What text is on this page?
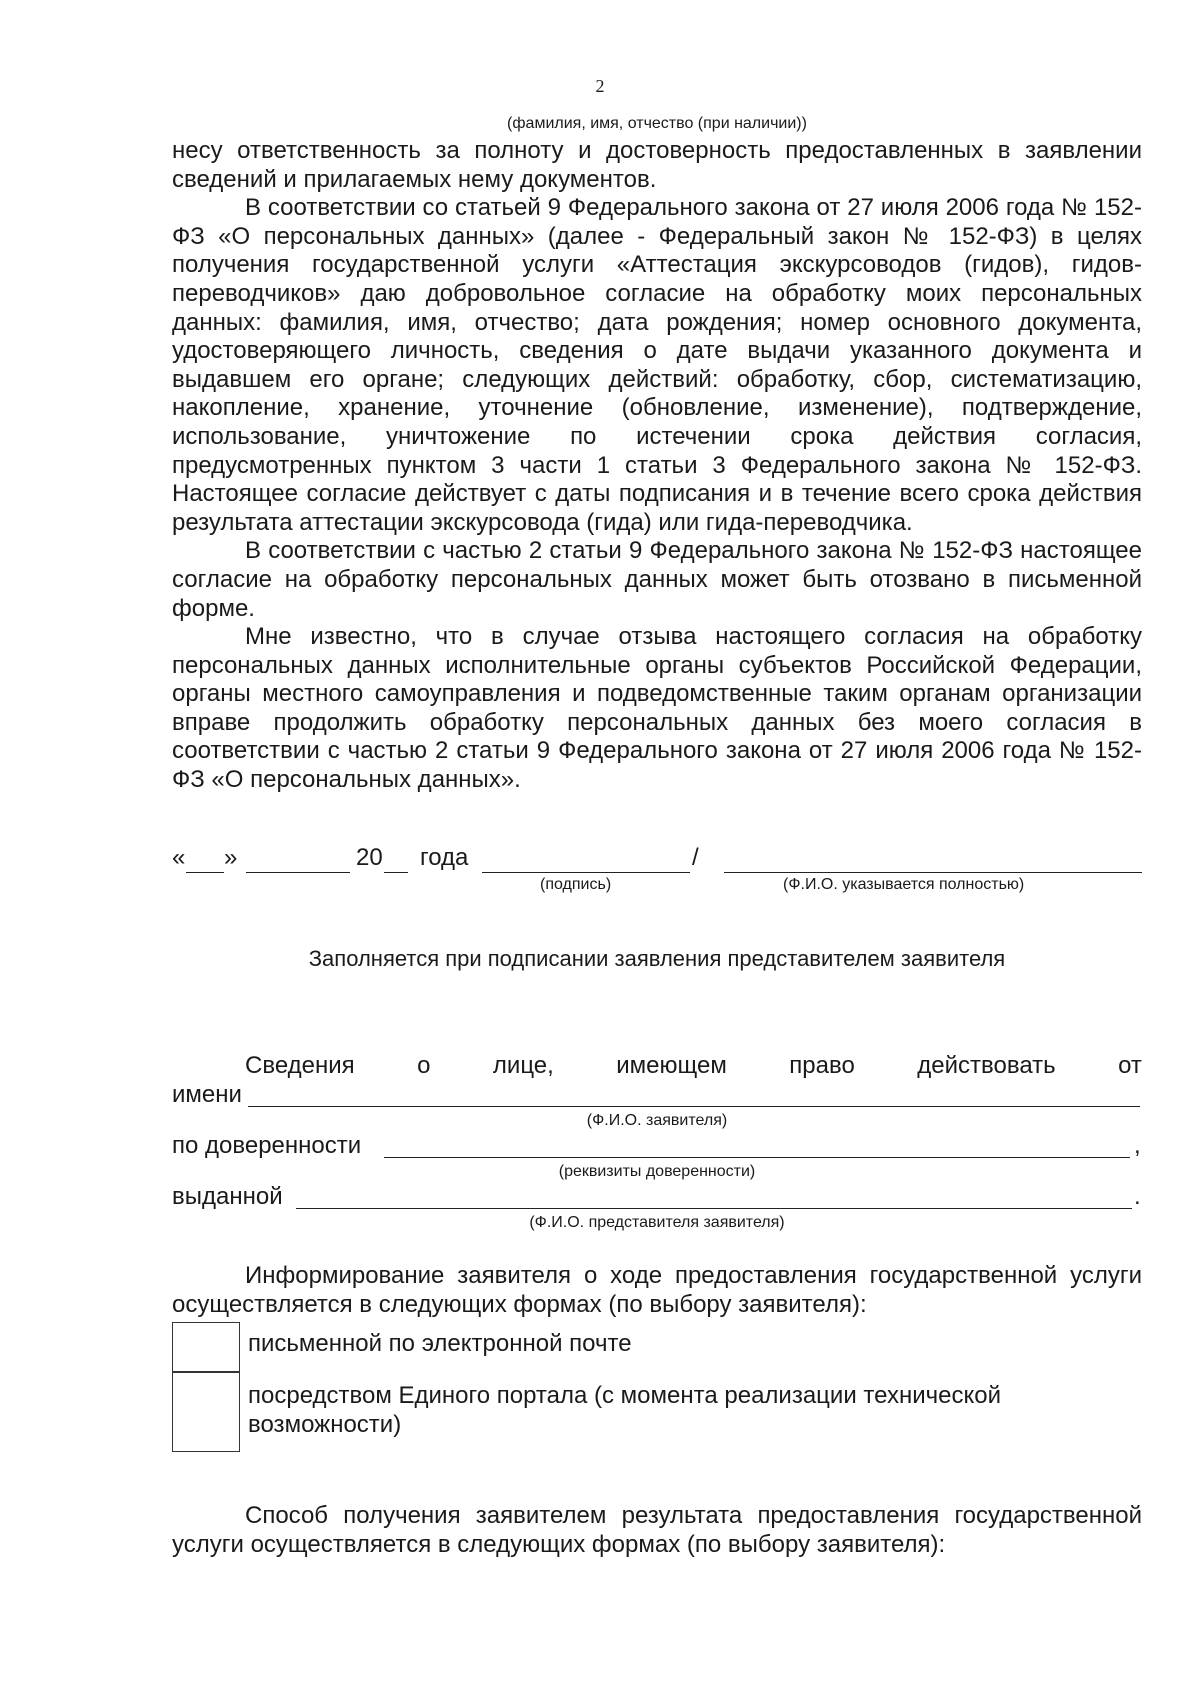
2
(фамилия, имя, отчество (при наличии))

несу ответственность за полноту и достоверность предоставленных в заявлении сведений и прилагаемых нему документов.

В соответствии со статьей 9 Федерального закона от 27 июля 2006 года № 152-ФЗ «О персональных данных» (далее - Федеральный закон № 152-ФЗ) в целях получения государственной услуги «Аттестация экскурсоводов (гидов), гидов-переводчиков» даю добровольное согласие на обработку моих персональных данных: фамилия, имя, отчество; дата рождения; номер основного документа, удостоверяющего личность, сведения о дате выдачи указанного документа и выдавшем его органе; следующих действий: обработку, сбор, систематизацию, накопление, хранение, уточнение (обновление, изменение), подтверждение, использование, уничтожение по истечении срока действия согласия, предусмотренных пунктом 3 части 1 статьи 3 Федерального закона № 152-ФЗ. Настоящее согласие действует с даты подписания и в течение всего срока действия результата аттестации экскурсовода (гида) или гида-переводчика.

В соответствии с частью 2 статьи 9 Федерального закона № 152-ФЗ настоящее согласие на обработку персональных данных может быть отозвано в письменной форме.

Мне известно, что в случае отзыва настоящего согласия на обработку персональных данных исполнительные органы субъектов Российской Федерации, органы местного самоуправления и подведомственные таким органам организации вправе продолжить обработку персональных данных без моего согласия в соответствии с частью 2 статьи 9 Федерального закона от 27 июля 2006 года № 152-ФЗ «О персональных данных».

« »	20 года	/
(подпись)	(Ф.И.О. указывается полностью)
Заполняется при подписании заявления представителем заявителя
Сведения	о	лице,	имеющем	право	действовать	от
имени
(Ф.И.О. заявителя)
по доверенности	,
(реквизиты доверенности)
выданной	.
(Ф.И.О. представителя заявителя)

Информирование заявителя о ходе предоставления государственной услуги осуществляется в следующих формах (по выбору заявителя):

письменной по электронной почте
посредством Единого портала (с момента реализации технической возможности)

Способ получения заявителем результата предоставления государственной услуги осуществляется в следующих формах (по выбору заявителя):
